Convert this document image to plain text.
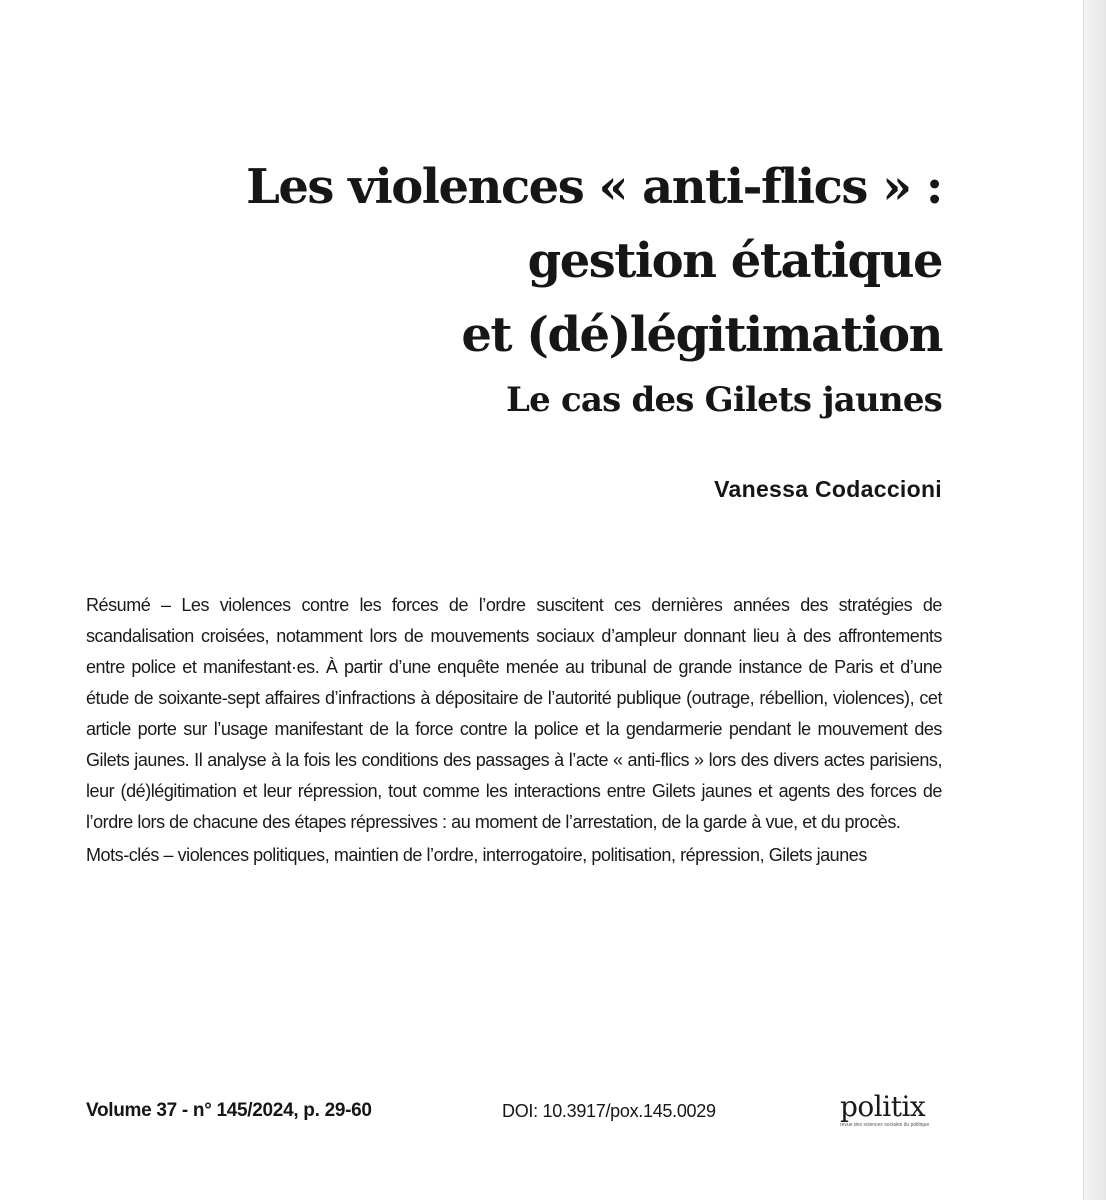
Les violences « anti-flics » :
gestion étatique
et (dé)légitimation
Le cas des Gilets jaunes
Vanessa Codaccioni

Résumé – Les violences contre les forces de l’ordre suscitent ces dernières années des stratégies de scandalisation croisées, notamment lors de mouvements sociaux d’ampleur donnant lieu à des affrontements entre police et manifestant·es. À partir d’une enquête menée au tribunal de grande instance de Paris et d’une étude de soixante-sept affaires d’infractions à dépositaire de l’autorité publique (outrage, rébellion, violences), cet article porte sur l’usage manifestant de la force contre la police et la gendarmerie pendant le mouvement des Gilets jaunes. Il analyse à la fois les conditions des passages à l’acte « anti-flics » lors des divers actes parisiens, leur (dé)légitimation et leur répression, tout comme les interactions entre Gilets jaunes et agents des forces de l’ordre lors de chacune des étapes répressives : au moment de l’arrestation, de la garde à vue, et du procès.

Mots-clés – violences politiques, maintien de l’ordre, interrogatoire, politisation, répression, Gilets jaunes

Volume 37 - n° 145/2024, p. 29-60	DOI: 10.3917/pox.145.0029	politix
revue des sciences sociales du politique
